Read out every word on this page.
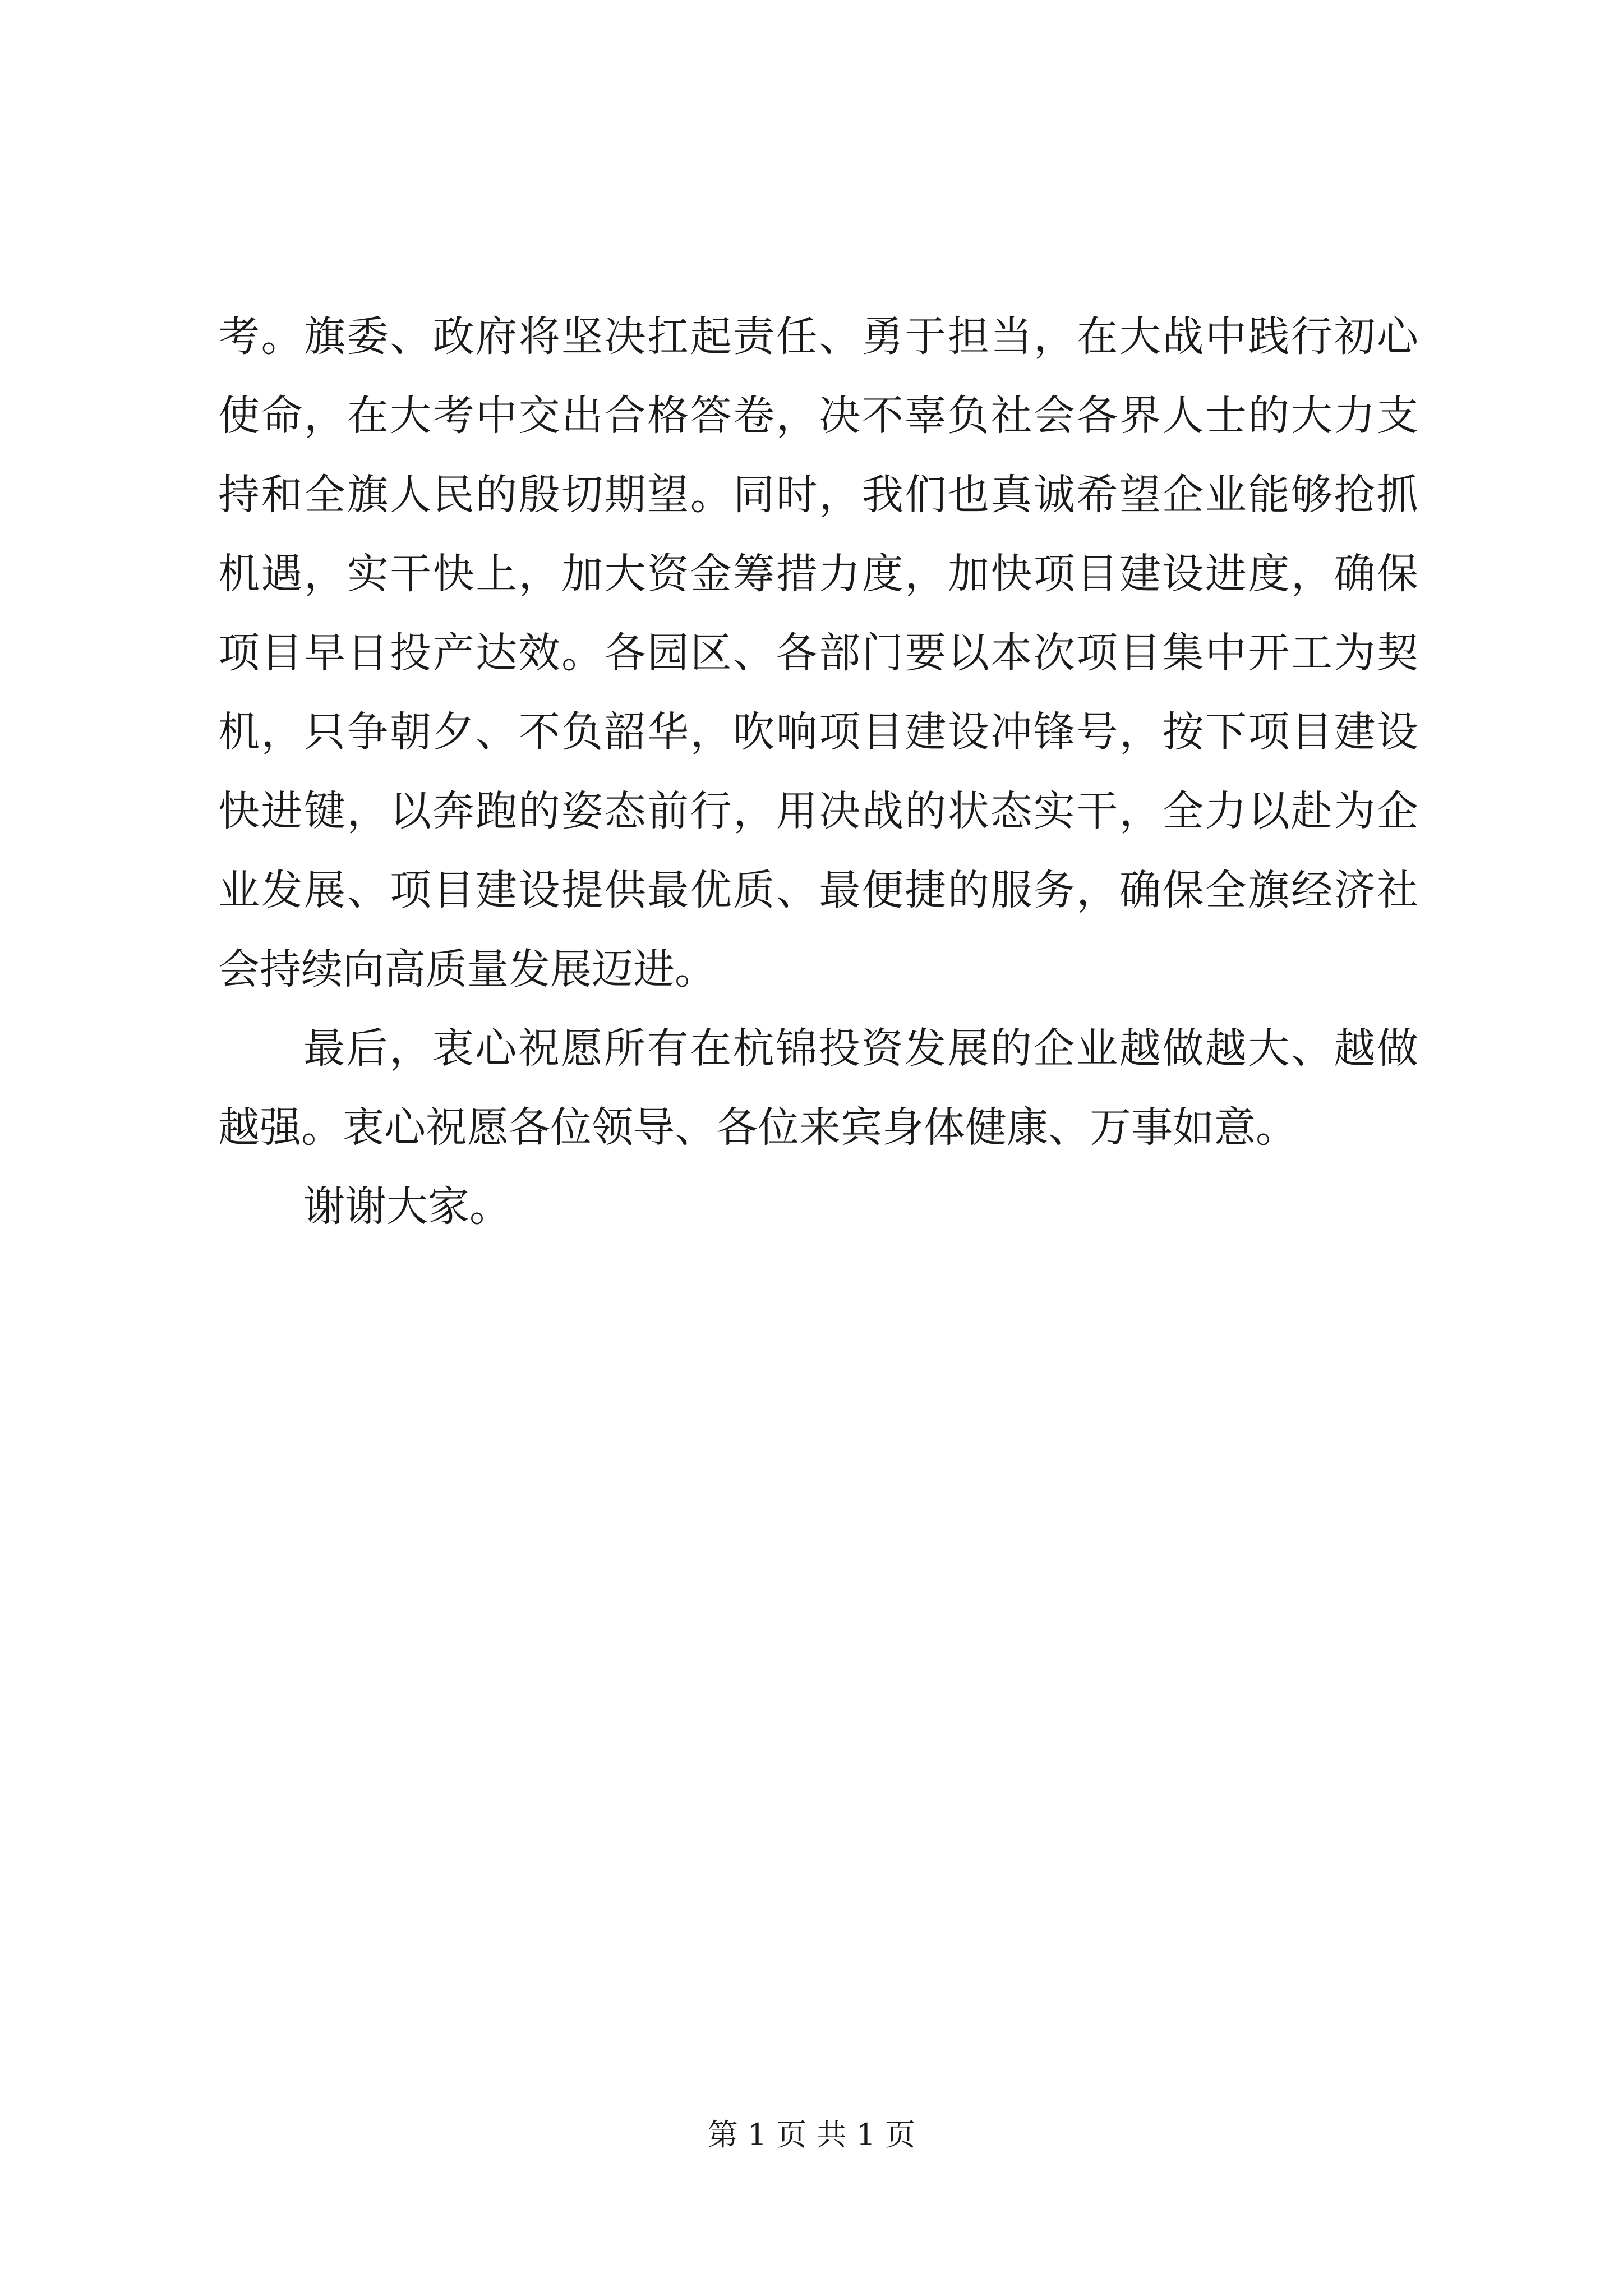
考。旗委、政府将坚决扛起责任、勇于担当，在大战中践行初心
使命，在大考中交出合格答卷，决不辜负社会各界人士的大力支
持和全旗人民的殷切期望。同时，我们也真诚希望企业能够抢抓
机遇，实干快上，加大资金筹措力度，加快项目建设进度，确保
项目早日投产达效。各园区、各部门要以本次项目集中开工为契
机，只争朝夕、不负韶华，吹响项目建设冲锋号，按下项目建设
快进键，以奔跑的姿态前行，用决战的状态实干，全力以赴为企
业发展、项目建设提供最优质、最便捷的服务，确保全旗经济社
会持续向高质量发展迈进。
最后，衷心祝愿所有在杭锦投资发展的企业越做越大、越做
越强。衷心祝愿各位领导、各位来宾身体健康、万事如意。
谢谢大家。
第 1 页 共 1 页
